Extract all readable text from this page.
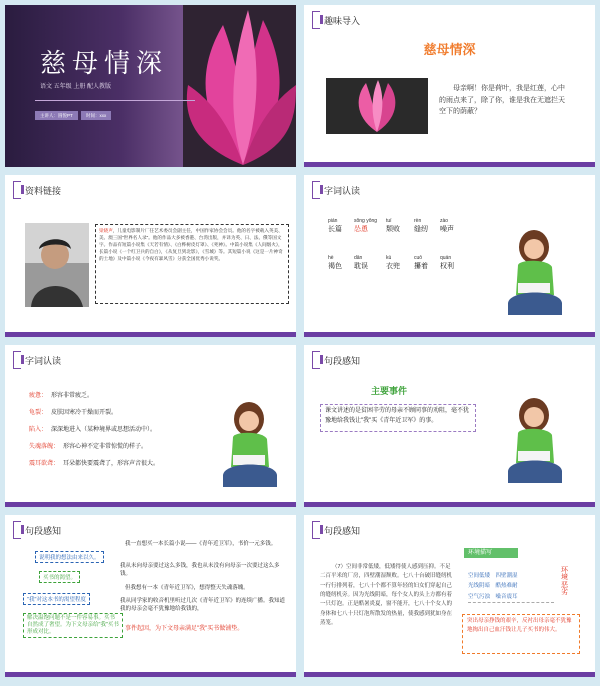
慈母情深
语文 五年级 上册 配人教版
主讲人：圆悦PT	时间：xxx
趣味导入
慈母情深
母亲啊！你是荷叶，我是红莲，心中的雨点来了，除了你，谁是我在无遮拦天空下的荫蔽？
资料链接
梁晓声，儿童电影制片厂任艺术委员会副主任，中国作家协会会员。他的名字被载入英美、美、澳三国"世界名人录"。他的作品大多被香港、台湾出版，并译为英、日、法、俄等国文字。作品有短篇小说集《天若有情》、《白桦树皮灯罩》、《死神》。中篇小说集《人间烟火》，长篇小说《一个红卫兵的自白》，《从复旦到北影》，《雪城》等。其短篇小说《这是一片神奇的土地》及中篇小说《今夜有暴风雪》分获全国优秀小说奖。
字词认读
pián
长篇
sǒng yǒng
怂恿
tuí
颓败
rèn
缝纫
zào
噪声
hè
褐色
dān
耽误
kù
衣兜
cuō
攥着
quán
权利
字词认读
疲惫： 形容非常疲乏。
龟裂： 皮肤因寒冷干燥而开裂。
陷入： 深深地进入（某种境界或思想活动中）。
失魂落魄： 形容心神不定非常惊慌的样子。
震耳欲聋： 耳朵都快要震聋了，形容声音很大。
句段感知
主要事件
课文讲述的是贫困辛劳的母亲不顾同事的劝阻，毫不犹豫地给我钱让"我"买《青年近卫军》的事。
句段感知
说明我的想法由来以久。
买书的渴望。
"我"对这本书的渴望程度
解决温饱问题不是一件容易事。买书自然成了奢望。为下文母亲给"我"买书形成对比。
我一直想买一本长篇小说——《青年近卫军》，书价一元多钱。
我从未向母亲要过这么多钱，我也从未没有向母亲一次要过这么多钱。
但我想有一本《青年近卫军》，想得整天失魂落魄。
我从同学家的收音机里听过几次《青年近卫军》的连续广播。我知道我的母亲会毫不犹豫地给我钱的，
事件起因，为下文母亲满足"我"买书做铺垫。
句段感知
（7）空间非常低矮，低矮得使人感到压抑。不足二百平米的厂房，四壁潮湿颓败。七八十台破旧缝纫机一行行排列着，七八十个都不算年轻的妇女们穿起自己的缝纫机旁。因为光线阴暗，每个女人的头上方都有着一只灯泡。正是酷暑炎夏，窗不能开，七八十个女人的身体和七八十只灯泡所散发的热量，使我感到犹如身在蒸笼。
环境描写
空间低矮　 四壁潮湿
光线阴暗　 酷热难耐
空气污浊　 噪音震耳
环境恶劣
突出母亲挣钱的艰辛，反衬出母亲毫不犹豫地掏出自己血汗钱让儿子买书的伟大。
